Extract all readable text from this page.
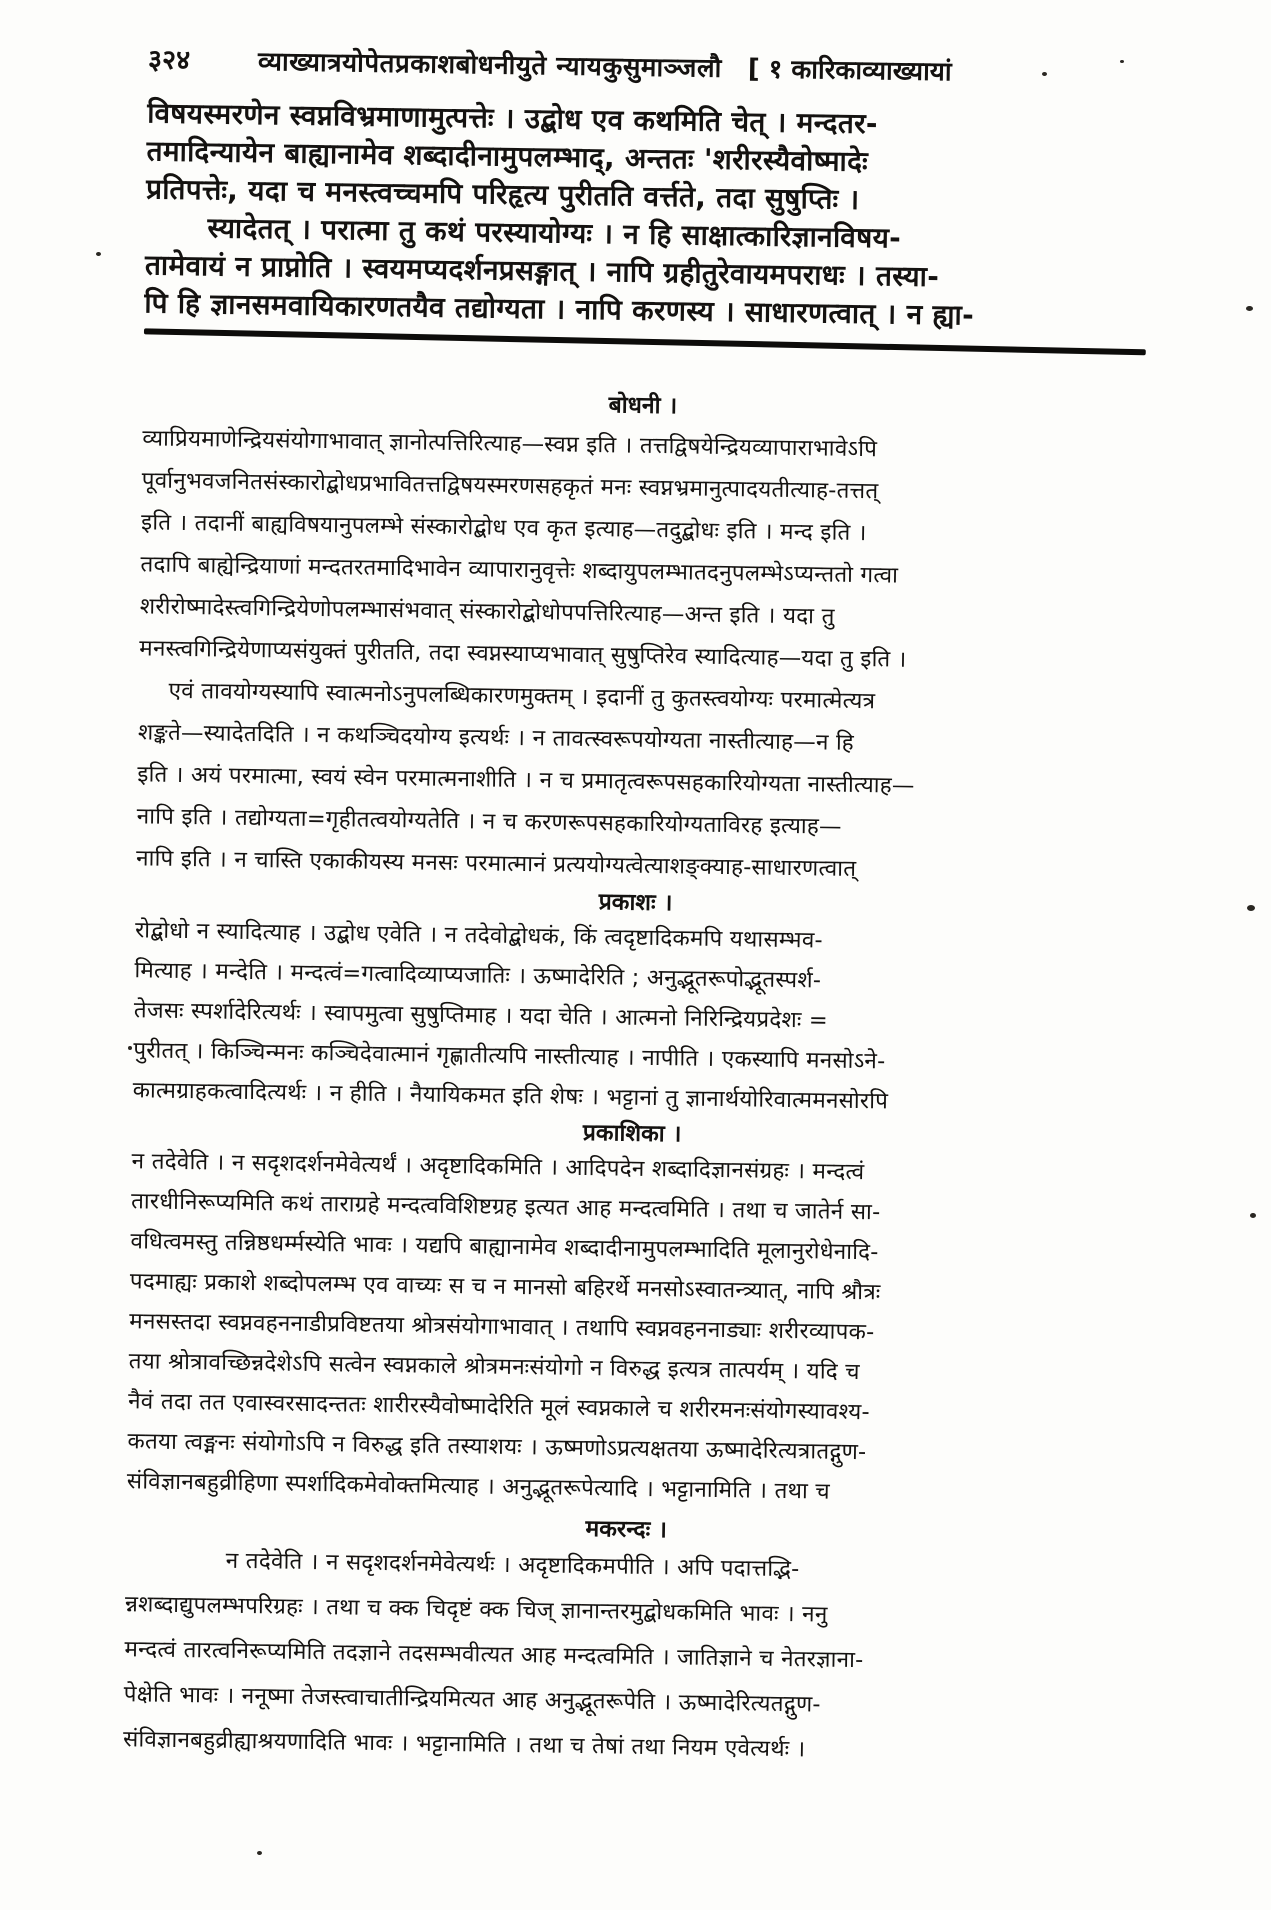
३२४	व्याख्यात्रयोपेतप्रकाशबोधनीयुते न्यायकुसुमाञ्जलौ [ १ कारिकाव्याख्यायां
विषयस्मरणेन स्वप्नविभ्रमाणामुत्पत्तेः । उद्बोध एव कथमिति चेत् । मन्दतर-
तमादिन्यायेन बाह्यानामेव शब्दादीनामुपलम्भाद्, अन्ततः 'शरीरस्यैवोष्मादेः
प्रतिपत्तेः, यदा च मनस्त्वच्चमपि परिहृत्य पुरीतति वर्त्तते, तदा सुषुप्तिः ।
स्यादेतत् । परात्मा तु कथं परस्यायोग्यः । न हि साक्षात्कारिज्ञानविषय-
तामेवायं न प्राप्नोति । स्वयमप्यदर्शनप्रसङ्गात् । नापि ग्रहीतुरेवायमपराधः । तस्या-
पि हि ज्ञानसमवायिकारणतयैव तद्योग्यता । नापि करणस्य । साधारणत्वात् । न ह्या-
बोधनी ।
व्याप्रियमाणेन्द्रियसंयोगाभावात् ज्ञानोत्पत्तिरित्याह—स्वप्न इति । तत्तद्विषयेन्द्रियव्यापाराभावेऽपि
पूर्वानुभवजनितसंस्कारोद्बोधप्रभावितत्तद्विषयस्मरणसहकृतं मनः स्वप्नभ्रमानुत्पादयतीत्याह-तत्तत्
इति । तदानीं बाह्यविषयानुपलम्भे संस्कारोद्बोध एव कृत इत्याह—तदुद्बोधः इति । मन्द इति ।
तदापि बाह्येन्द्रियाणां मन्दतरतमादिभावेन व्यापारानुवृत्तेः शब्दायुपलम्भातदनुपलम्भेऽप्यन्ततो गत्वा
शरीरोष्मादेस्त्वगिन्द्रियेणोपलम्भासंभवात् संस्कारोद्बोधोपपत्तिरित्याह—अन्त इति । यदा तु
मनस्त्वगिन्द्रियेणाप्यसंयुक्तं पुरीतति, तदा स्वप्नस्याप्यभावात् सुषुप्तिरेव स्यादित्याह—यदा तु इति ।
एवं तावयोग्यस्यापि स्वात्मनोऽनुपलब्धिकारणमुक्तम् । इदानीं तु कुतस्त्वयोग्यः परमात्मेत्यत्र
शङ्कते—स्यादेतदिति । न कथञ्चिदयोग्य इत्यर्थः । न तावत्स्वरूपयोग्यता नास्तीत्याह—न हि
इति । अयं परमात्मा, स्वयं स्वेन परमात्मनाशीति । न च प्रमातृत्वरूपसहकारियोग्यता नास्तीत्याह—
नापि इति । तद्योग्यता=गृहीतत्वयोग्यतेति । न च करणरूपसहकारियोग्यताविरह इत्याह—
नापि इति । न चास्ति एकाकीयस्य मनसः परमात्मानं प्रत्ययोग्यत्वेत्याशङ्क्याह-साधारणत्वात्
प्रकाशः ।
रोद्बोधो न स्यादित्याह । उद्बोध एवेति । न तदेवोद्बोधकं, किं त्वदृष्टादिकमपि यथासम्भव-
मित्याह । मन्देति । मन्दत्वं=गत्वादिव्याप्यजातिः । ऊष्मादेरिति ; अनुद्भूतरूपोद्भूतस्पर्श-
तेजसः स्पर्शादेरित्यर्थः । स्वापमुत्वा सुषुप्तिमाह । यदा चेति । आत्मनो निरिन्द्रियप्रदेशः =
पुरीतत् । किञ्चिन्मनः कञ्चिदेवात्मानं गृह्णातीत्यपि नास्तीत्याह । नापीति । एकस्यापि मनसोऽने-
कात्मग्राहकत्वादित्यर्थः । न हीति । नैयायिकमत इति शेषः । भट्टानां तु ज्ञानार्थयोरिवात्ममनसोरपि
प्रकाशिका ।
न तदेवेति । न सदृशदर्शनमेवेत्यर्थं । अदृष्टादिकमिति । आदिपदेन शब्दादिज्ञानसंग्रहः । मन्दत्वं
तारधीनिरूप्यमिति कथं ताराग्रहे मन्दत्वविशिष्टग्रह इत्यत आह मन्दत्वमिति । तथा च जातेर्न सा-
वधित्वमस्तु तन्निष्ठधर्म्मस्येति भावः । यद्यपि बाह्यानामेव शब्दादीनामुपलम्भादिति मूलानुरोधेनादि-
पदमाह्यः प्रकाशे शब्दोपलम्भ एव वाच्यः स च न मानसो बहिरर्थे मनसोऽस्वातन्त्र्यात्, नापि श्रौत्रः
मनसस्तदा स्वप्नवहननाडीप्रविष्टतया श्रोत्रसंयोगाभावात् । तथापि स्वप्नवहननाड्याः शरीरव्यापक-
तया श्रोत्रावच्छिन्नदेशेऽपि सत्वेन स्वप्नकाले श्रोत्रमनःसंयोगो न विरुद्ध इत्यत्र तात्पर्यम् । यदि च
नैवं तदा तत एवास्वरसादन्ततः शारीरस्यैवोष्मादेरिति मूलं स्वप्नकाले च शरीरमनःसंयोगस्यावश्य-
कतया त्वङ्मनः संयोगोऽपि न विरुद्ध इति तस्याशयः । ऊष्मणोऽप्रत्यक्षतया ऊष्मादेरित्यत्रातद्गुण-
संविज्ञानबहुव्रीहिणा स्पर्शादिकमेवोक्तमित्याह । अनुद्भूतरूपेत्यादि । भट्टानामिति । तथा च
मकरन्दः ।
न तदेवेति । न सदृशदर्शनमेवेत्यर्थः । अदृष्टादिकमपीति । अपि पदात्तद्भि-
न्नशब्दाद्युपलम्भपरिग्रहः । तथा च क्क चिदृष्टं क्क चिज् ज्ञानान्तरमुद्बोधकमिति भावः । ननु
मन्दत्वं तारत्वनिरूप्यमिति तदज्ञाने तदसम्भवीत्यत आह मन्दत्वमिति । जातिज्ञाने च नेतरज्ञाना-
पेक्षेति भावः । ननूष्मा तेजस्त्वाचातीन्द्रियमित्यत आह अनुद्भूतरूपेति । ऊष्मादेरित्यतद्गुण-
संविज्ञानबहुव्रीह्याश्रयणादिति भावः । भट्टानामिति । तथा च तेषां तथा नियम एवेत्यर्थः ।
